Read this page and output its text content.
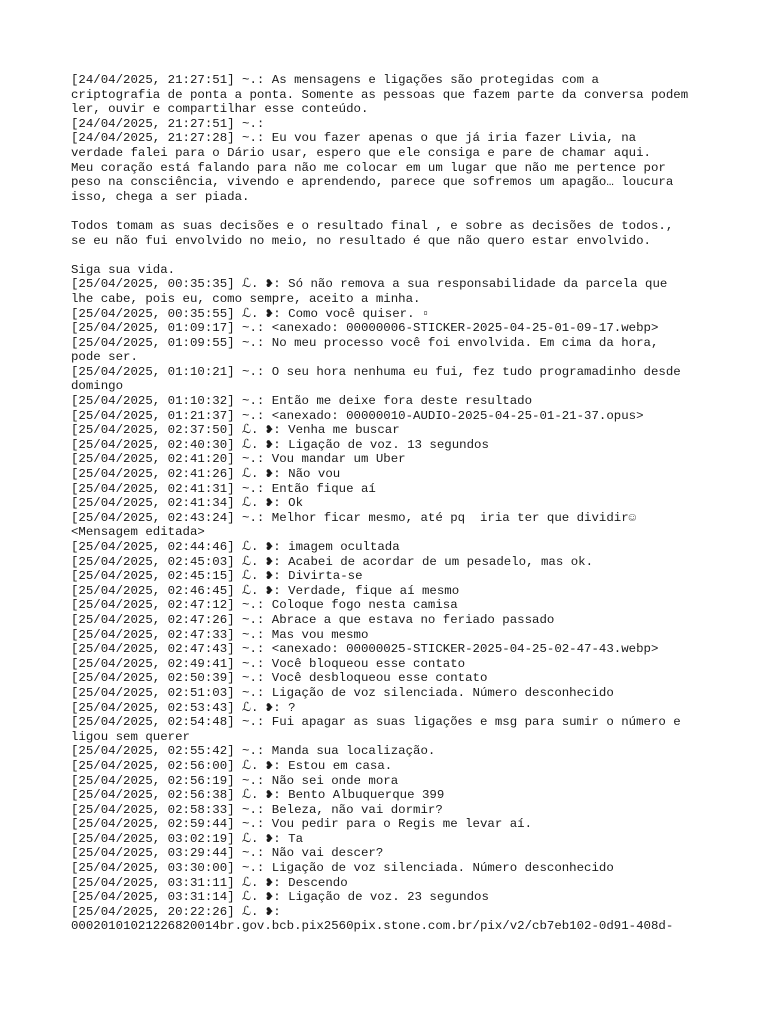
[24/04/2025, 21:27:51] ~.: As mensagens e ligações são protegidas com a
criptografia de ponta a ponta. Somente as pessoas que fazem parte da conversa podem
ler, ouvir e compartilhar esse conteúdo.
[24/04/2025, 21:27:51] ~.:
[24/04/2025, 21:27:28] ~.: Eu vou fazer apenas o que já iria fazer Livia, na
verdade falei para o Dário usar, espero que ele consiga e pare de chamar aqui.
Meu coração está falando para não me colocar em um lugar que não me pertence por
peso na consciência, vivendo e aprendendo, parece que sofremos um apagão… loucura
isso, chega a ser piada.
Todos tomam as suas decisões e o resultado final , e sobre as decisões de todos.,
se eu não fui envolvido no meio, no resultado é que não quero estar envolvido.
Siga sua vida.
[25/04/2025, 00:35:35] ℒ. ❥: Só não remova a sua responsabilidade da parcela que
lhe cabe, pois eu, como sempre, aceito a minha.
[25/04/2025, 00:35:55] ℒ. ❥: Como você quiser. ▫
[25/04/2025, 01:09:17] ~.: <anexado: 00000006-STICKER-2025-04-25-01-09-17.webp>
[25/04/2025, 01:09:55] ~.: No meu processo você foi envolvida. Em cima da hora,
pode ser.
[25/04/2025, 01:10:21] ~.: O seu hora nenhuma eu fui, fez tudo programadinho desde
domingo
[25/04/2025, 01:10:32] ~.: Então me deixe fora deste resultado
[25/04/2025, 01:21:37] ~.: <anexado: 00000010-AUDIO-2025-04-25-01-21-37.opus>
[25/04/2025, 02:37:50] ℒ. ❥: Venha me buscar
[25/04/2025, 02:40:30] ℒ. ❥: Ligação de voz. 13 segundos
[25/04/2025, 02:41:20] ~.: Vou mandar um Uber
[25/04/2025, 02:41:26] ℒ. ❥: Não vou
[25/04/2025, 02:41:31] ~.: Então fique aí
[25/04/2025, 02:41:34] ℒ. ❥: Ok
[25/04/2025, 02:43:24] ~.: Melhor ficar mesmo, até pq  iria ter que dividir☺
<Mensagem editada>
[25/04/2025, 02:44:46] ℒ. ❥: imagem ocultada
[25/04/2025, 02:45:03] ℒ. ❥: Acabei de acordar de um pesadelo, mas ok.
[25/04/2025, 02:45:15] ℒ. ❥: Divirta-se
[25/04/2025, 02:46:45] ℒ. ❥: Verdade, fique aí mesmo
[25/04/2025, 02:47:12] ~.: Coloque fogo nesta camisa
[25/04/2025, 02:47:26] ~.: Abrace a que estava no feriado passado
[25/04/2025, 02:47:33] ~.: Mas vou mesmo
[25/04/2025, 02:47:43] ~.: <anexado: 00000025-STICKER-2025-04-25-02-47-43.webp>
[25/04/2025, 02:49:41] ~.: Você bloqueou esse contato
[25/04/2025, 02:50:39] ~.: Você desbloqueou esse contato
[25/04/2025, 02:51:03] ~.: Ligação de voz silenciada. Número desconhecido
[25/04/2025, 02:53:43] ℒ. ❥: ?
[25/04/2025, 02:54:48] ~.: Fui apagar as suas ligações e msg para sumir o número e
ligou sem querer
[25/04/2025, 02:55:42] ~.: Manda sua localização.
[25/04/2025, 02:56:00] ℒ. ❥: Estou em casa.
[25/04/2025, 02:56:19] ~.: Não sei onde mora
[25/04/2025, 02:56:38] ℒ. ❥: Bento Albuquerque 399
[25/04/2025, 02:58:33] ~.: Beleza, não vai dormir?
[25/04/2025, 02:59:44] ~.: Vou pedir para o Regis me levar aí.
[25/04/2025, 03:02:19] ℒ. ❥: Ta
[25/04/2025, 03:29:44] ~.: Não vai descer?
[25/04/2025, 03:30:00] ~.: Ligação de voz silenciada. Número desconhecido
[25/04/2025, 03:31:11] ℒ. ❥: Descendo
[25/04/2025, 03:31:14] ℒ. ❥: Ligação de voz. 23 segundos
[25/04/2025, 20:22:26] ℒ. ❥:
00020101021226820014br.gov.bcb.pix2560pix.stone.com.br/pix/v2/cb7eb102-0d91-408d-
